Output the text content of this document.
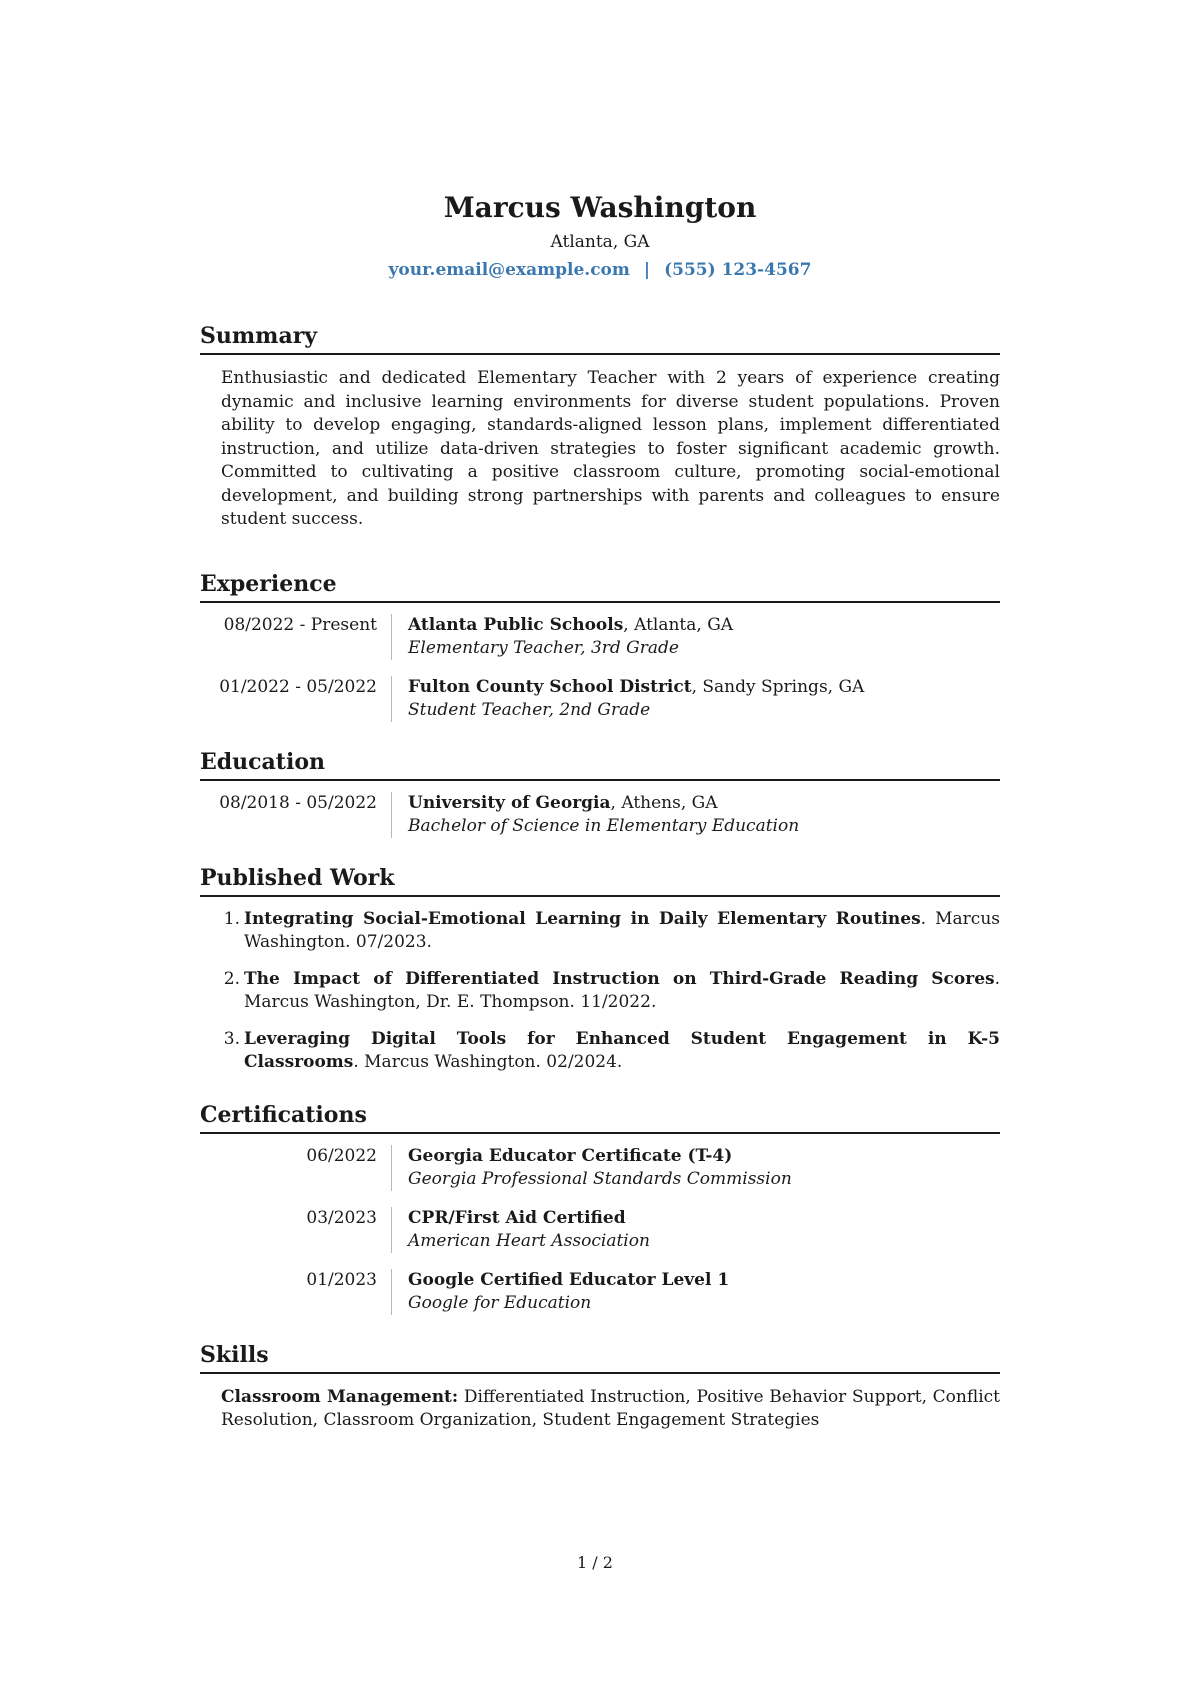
Marcus Washington
Atlanta, GA
your.email@example.com | (555) 123-4567
Summary
Enthusiastic and dedicated Elementary Teacher with 2 years of experience creating dynamic and inclusive learning environments for diverse student populations. Proven ability to develop engaging, standards-aligned lesson plans, implement differentiated instruction, and utilize data-driven strategies to foster significant academic growth. Committed to cultivating a positive classroom culture, promoting social-emotional development, and building strong partnerships with parents and colleagues to ensure student success.
Experience
08/2022 - Present	Atlanta Public Schools, Atlanta, GA
Elementary Teacher, 3rd Grade
01/2022 - 05/2022	Fulton County School District, Sandy Springs, GA
Student Teacher, 2nd Grade
Education
08/2018 - 05/2022	University of Georgia, Athens, GA
Bachelor of Science in Elementary Education
Published Work
1. Integrating Social-Emotional Learning in Daily Elementary Routines. Marcus Washington. 07/2023.
2. The Impact of Differentiated Instruction on Third-Grade Reading Scores. Marcus Washington, Dr. E. Thompson. 11/2022.
3. Leveraging Digital Tools for Enhanced Student Engagement in K-5 Classrooms. Marcus Washington. 02/2024.
Certifications
06/2022	Georgia Educator Certificate (T-4)
Georgia Professional Standards Commission
03/2023	CPR/First Aid Certified
American Heart Association
01/2023	Google Certified Educator Level 1
Google for Education
Skills
Classroom Management: Differentiated Instruction, Positive Behavior Support, Conflict Resolution, Classroom Organization, Student Engagement Strategies
1 / 2
